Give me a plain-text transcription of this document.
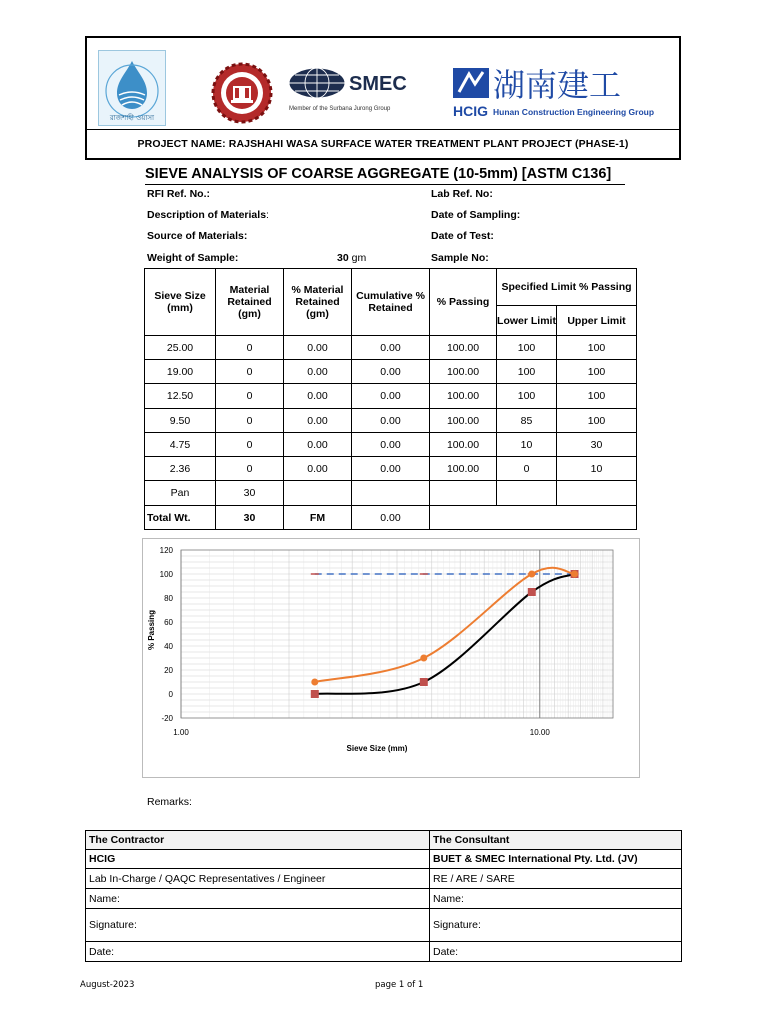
রাজশাহী ওয়াসা
SMEC
Member of the Surbana Jurong Group
湖南建工
HCIG Hunan Construction Engineering Group
PROJECT NAME: RAJSHAHI WASA SURFACE WATER TREATMENT PLANT PROJECT (PHASE-1)
SIEVE ANALYSIS OF COARSE AGGREGATE (10-5mm) [ASTM C136]
RFI Ref. No.:	Lab Ref. No:
Description of Materials:	Date of Sampling:
Source of Materials:	Date of Test:
Weight of Sample:	30 gm	Sample No:
Sieve Size (mm)	Material Retained (gm)	% Material Retained (gm)	Cumulative % Retained	% Passing	Specified Limit % Passing	
					Lower Limit	Upper Limit
25.00	0	0.00	0.00	100.00	100	100
19.00	0	0.00	0.00	100.00	100	100
12.50	0	0.00	0.00	100.00	100	100
9.50	0	0.00	0.00	100.00	85	100
4.75	0	0.00	0.00	100.00	10	30
2.36	0	0.00	0.00	100.00	0	10
Pan	30					
Total Wt.	30	FM	0.00			
120
100
80
60
40
20
0
-20
1.00	10.00
Sieve Size (mm)
% Passing
Remarks:
The Contractor	The Consultant
HCIG	BUET & SMEC International Pty. Ltd. (JV)
Lab In-Charge / QAQC Representatives / Engineer	RE / ARE / SARE
Name:	Name:
Signature:	Signature:
Date:	Date:
August-2023	page 1 of 1
